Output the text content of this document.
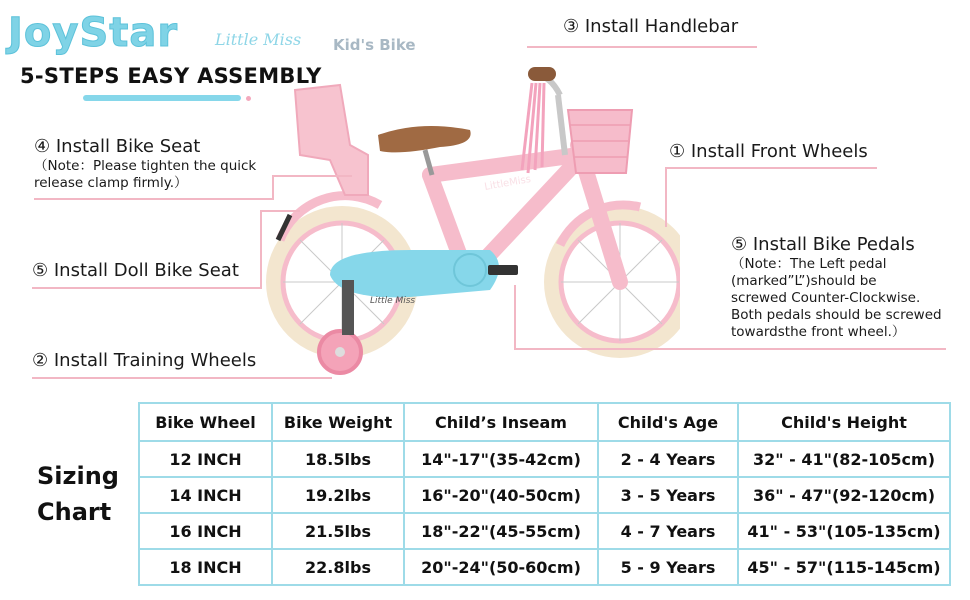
JoyStar Little Miss Kid's Bike
5-STEPS EASY ASSEMBLY
LittleMiss
Little Miss
③ Install Handlebar
④ Install Bike Seat
（Note：Please tighten the quick
release clamp firmly.）
① Install Front Wheels
⑤ Install Bike Pedals
（Note：The Left pedal
(marked”L”)should be
screwed Counter-Clockwise.
Both pedals should be screwed
towardsthe front wheel.）
⑤ Install Doll Bike Seat
② Install Training Wheels
Sizing
Chart
Bike Wheel	Bike Weight	Child’s Inseam	Child's Age	Child's Height
12 INCH	18.5lbs	14"-17"(35-42cm)	2 - 4 Years	32" - 41"(82-105cm)
14 INCH	19.2lbs	16"-20"(40-50cm)	3 - 5 Years	36" - 47"(92-120cm)
16 INCH	21.5lbs	18"-22"(45-55cm)	4 - 7 Years	41" - 53"(105-135cm)
18 INCH	22.8lbs	20"-24"(50-60cm)	5 - 9 Years	45" - 57"(115-145cm)
